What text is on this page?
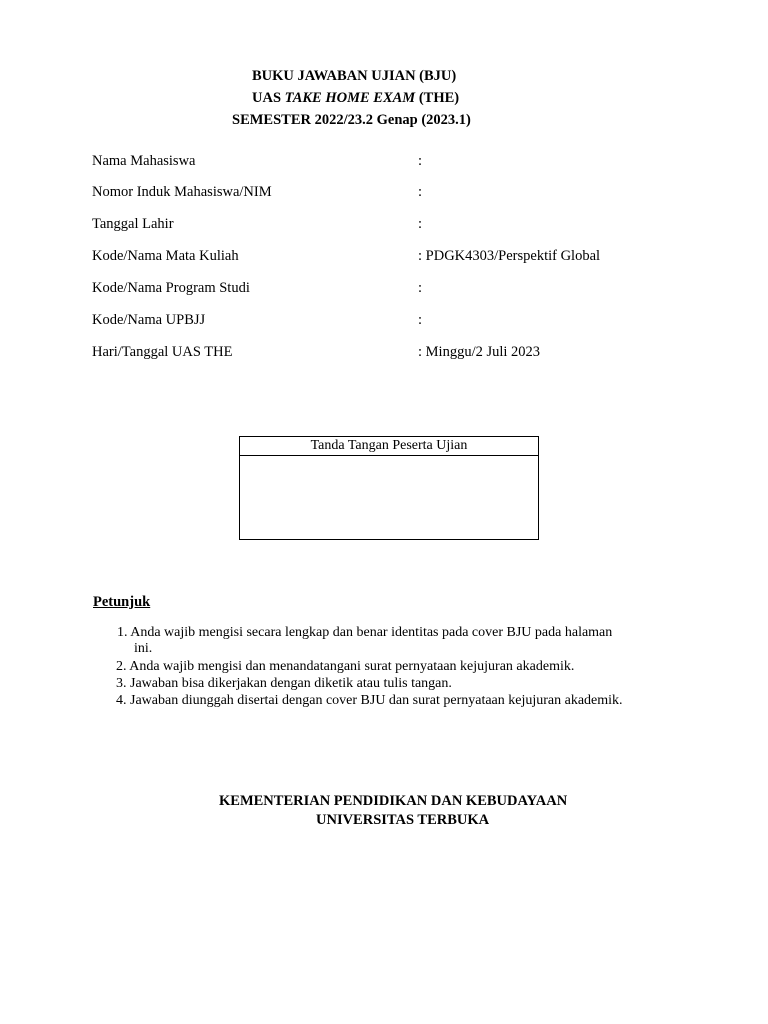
BUKU JAWABAN UJIAN (BJU)
UAS TAKE HOME EXAM (THE)
SEMESTER 2022/23.2 Genap (2023.1)
Nama Mahasiswa	:
Nomor Induk Mahasiswa/NIM	:
Tanggal Lahir	:
Kode/Nama Mata Kuliah	: PDGK4303/Perspektif Global
Kode/Nama Program Studi	:
Kode/Nama UPBJJ	:
Hari/Tanggal UAS THE	: Minggu/2 Juli 2023
Tanda Tangan Peserta Ujian
Petunjuk
1. Anda wajib mengisi secara lengkap dan benar identitas pada cover BJU pada halaman
ini.
2. Anda wajib mengisi dan menandatangani surat pernyataan kejujuran akademik.
3. Jawaban bisa dikerjakan dengan diketik atau tulis tangan.
4. Jawaban diunggah disertai dengan cover BJU dan surat pernyataan kejujuran akademik.
KEMENTERIAN PENDIDIKAN DAN KEBUDAYAAN
UNIVERSITAS TERBUKA
